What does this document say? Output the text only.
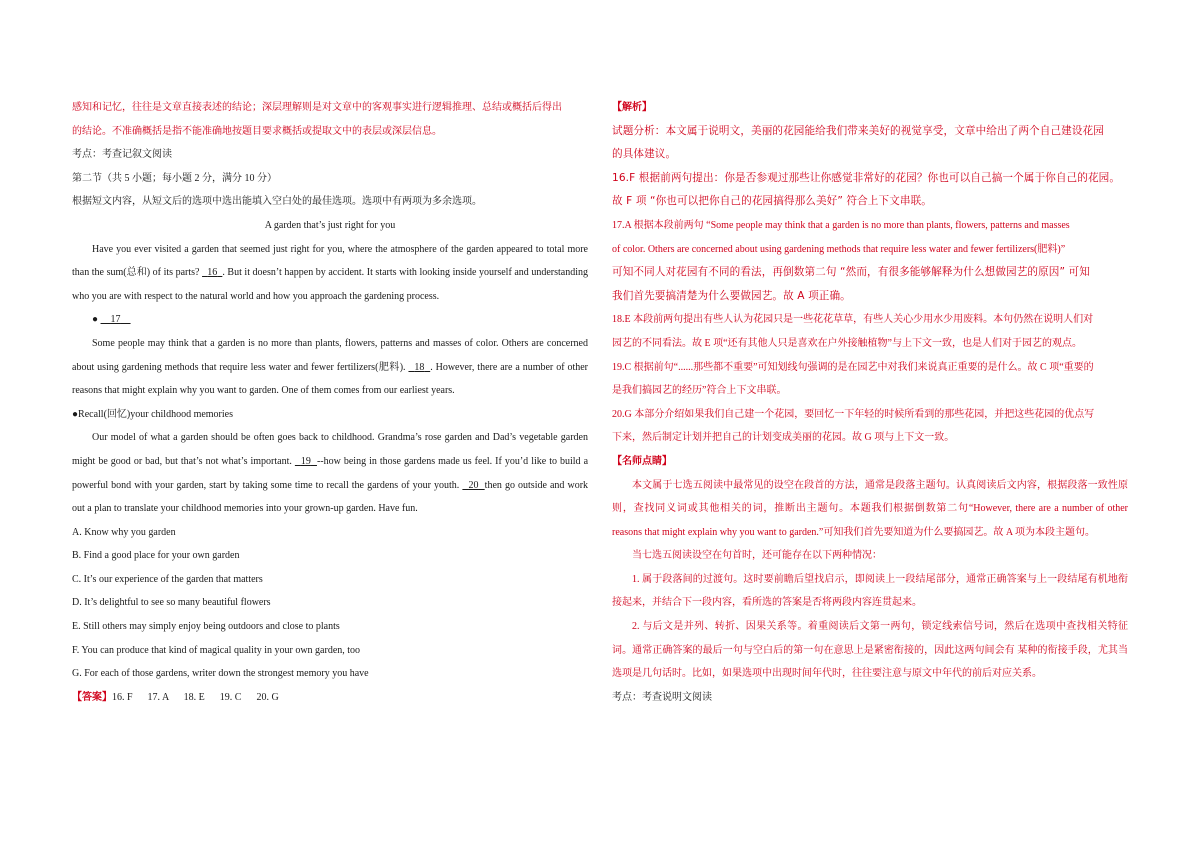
感知和记忆，往往是文章直接表述的结论；深层理解则是对文章中的客观事实进行逻辑推理、总结或概括后得出

的结论。不准确概括是指不能准确地按题目要求概括或提取文中的表层或深层信息。

考点：考查记叙文阅读

第二节（共 5 小题；每小题 2 分，满分 10 分）

根据短文内容，从短文后的选项中选出能填入空白处的最佳选项。选项中有两项为多余选项。

A garden that’s just right for you

Have you ever visited a garden that seemed just right for you, where the atmosphere of the garden appeared to total more than the sum(总和) of its parts? 16 . But it doesn’t happen by accident. It starts with looking inside yourself and understanding who you are with respect to the natural world and how you approach the gardening process.

● 17

Some people may think that a garden is no more than plants, flowers, patterns and masses of color. Others are concerned about using gardening methods that require less water and fewer fertilizers(肥料). 18 . However, there are a number of other reasons that might explain why you want to garden. One of them comes from our earliest years.

●Recall(回忆)your childhood memories

Our model of what a garden should be often goes back to childhood. Grandma’s rose garden and Dad’s vegetable garden might be good or bad, but that’s not what’s important. 19 --how being in those gardens made us feel. If you’d like to build a powerful bond with your garden, start by taking some time to recall the gardens of your youth. 20 then go outside and work out a plan to translate your childhood memories into your grown-up garden. Have fun.

A. Know why you garden

B. Find a good place for your own garden

C. It’s our experience of the garden that matters

D. It’s delightful to see so many beautiful flowers

E. Still others may simply enjoy being outdoors and close to plants

F. You can produce that kind of magical quality in your own garden, too

G. For each of those gardens, writer down the strongest memory you have

【答案】16. F      17. A      18. E      19. C      20. G

【解析】

试题分析：本文属于说明文，美丽的花园能给我们带来美好的视觉享受，文章中给出了两个自己建设花园

的具体建议。

16.F 根据前两句提出：你是否参观过那些让你感觉非常好的花园？你也可以自己搞一个属于你自己的花园。

故 F 项 “你也可以把你自己的花园搞得那么美好” 符合上下文串联。

17.A 根据本段前两句 “Some people may think that a garden is no more than plants, flowers, patterns and masses

of color. Others are concerned about using gardening methods that require less water and fewer fertilizers(肥料)”

可知不同人对花园有不同的看法，再倒数第二句 “然而，有很多能够解释为什么想做园艺的原因” 可知

我们首先要搞清楚为什么要做园艺。故 A 项正确。

18.E 本段前两句提出有些人认为花园只是一些花花草草，有些人关心少用水少用废料。本句仍然在说明人们对

园艺的不同看法。故 E 项“还有其他人只是喜欢在户外接触植物”与上下文一致，也是人们对于园艺的观点。

19.C 根据前句“......那些都不重要”可知划线句强调的是在园艺中对我们来说真正重要的是什么。故 C 项“重要的

是我们搞园艺的经历”符合上下文串联。

20.G 本部分介绍如果我们自己建一个花园，要回忆一下年轻的时候所看到的那些花园，并把这些花园的优点写

下来，然后制定计划并把自己的计划变成美丽的花园。故 G 项与上下文一致。

【名师点睛】

本文属于七选五阅读中最常见的设空在段首的方法，通常是段落主题句。认真阅读后文内容，根据段落一致性原则，查找同义词或其他相关的词，推断出主题句。本题我们根据倒数第二句“However, there are a number of other reasons that might explain why you want to garden.”可知我们首先要知道为什么要搞园艺。故 A 项为本段主题句。

当七选五阅读设空在句首时，还可能存在以下两种情况：

1. 属于段落间的过渡句。这时要前瞻后望找启示，即阅读上一段结尾部分，通常正确答案与上一段结尾有机地衔接起来，并结合下一段内容，看所选的答案是否将两段内容连贯起来。

2. 与后文是并列、转折、因果关系等。着重阅读后文第一两句，锁定线索信号词，然后在选项中查找相关特征词。通常正确答案的最后一句与空白后的第一句在意思上是紧密衔接的，因此这两句间会有 某种的衔接手段，尤其当选项是几句话时。比如，如果选项中出现时间年代时，往往要注意与原文中年代的前后对应关系。

考点：考查说明文阅读
